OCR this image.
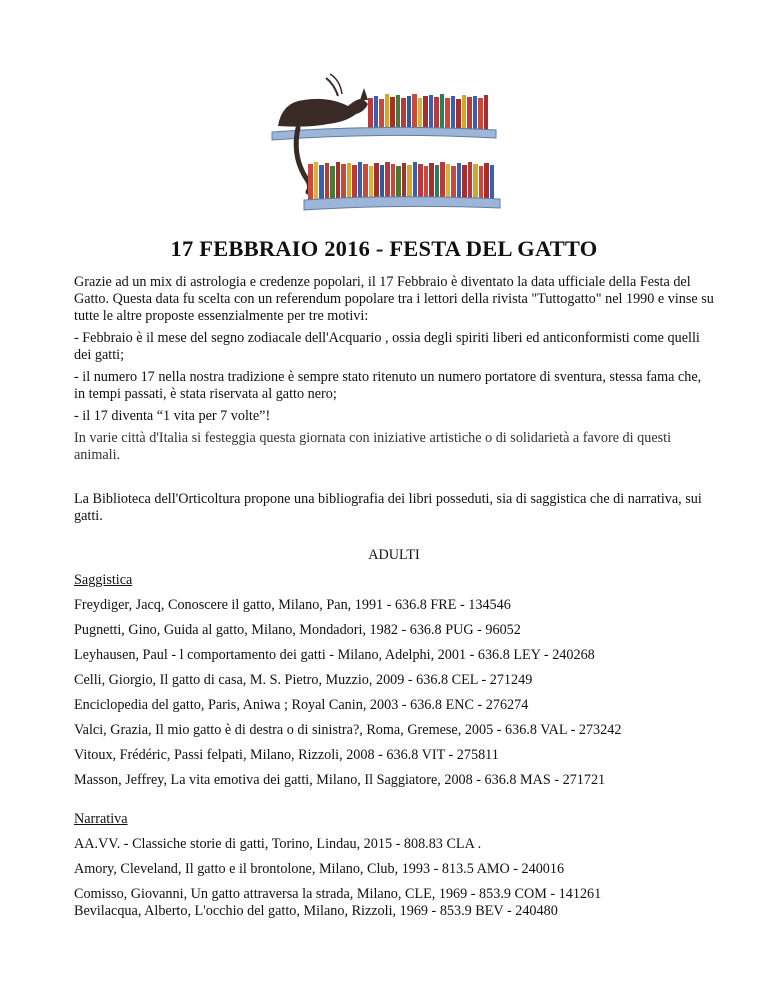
17 FEBBRAIO 2016 - FESTA DEL GATTO

Grazie ad un mix di astrologia e credenze popolari, il 17 Febbraio è diventato la data ufficiale della Festa del Gatto. Questa data fu scelta con un referendum popolare tra i lettori della rivista "Tuttogatto" nel 1990 e vinse su tutte le altre proposte essenzialmente per tre motivi:

- Febbraio è il mese del segno zodiacale dell'Acquario , ossia degli spiriti liberi ed anticonformisti come quelli dei gatti;

- il numero 17 nella nostra tradizione è sempre stato ritenuto un numero portatore di sventura, stessa fama che, in tempi passati, è stata riservata al gatto nero;

- il 17 diventa “1 vita per 7 volte”!

In varie città d'Italia si festeggia questa giornata con iniziative artistiche o di solidarietà a favore di questi animali.

La Biblioteca dell'Orticoltura propone una bibliografia dei libri posseduti, sia di saggistica che di narrativa, sui gatti.

ADULTI

Saggistica

Freydiger, Jacq, Conoscere il gatto, Milano, Pan, 1991 - 636.8 FRE - 134546

Pugnetti, Gino, Guida al gatto, Milano, Mondadori, 1982 - 636.8 PUG - 96052

Leyhausen, Paul - l comportamento dei gatti - Milano, Adelphi, 2001 - 636.8 LEY - 240268

Celli, Giorgio, Il gatto di casa, M. S. Pietro, Muzzio, 2009 - 636.8 CEL - 271249

Enciclopedia del gatto, Paris, Aniwa ; Royal Canin, 2003 - 636.8 ENC - 276274

Valci, Grazia, Il mio gatto è di destra o di sinistra?, Roma, Gremese, 2005 - 636.8 VAL - 273242

Vitoux, Frédéric, Passi felpati, Milano, Rizzoli, 2008 - 636.8 VIT - 275811

Masson, Jeffrey, La vita emotiva dei gatti, Milano, Il Saggiatore, 2008 - 636.8 MAS - 271721

Narrativa

AA.VV. - Classiche storie di gatti, Torino, Lindau, 2015 - 808.83 CLA .

Amory, Cleveland, Il gatto e il brontolone, Milano, Club, 1993 - 813.5 AMO - 240016

Comisso, Giovanni, Un gatto attraversa la strada, Milano, CLE, 1969 - 853.9 COM - 141261

Bevilacqua, Alberto, L'occhio del gatto, Milano, Rizzoli, 1969 - 853.9 BEV - 240480
